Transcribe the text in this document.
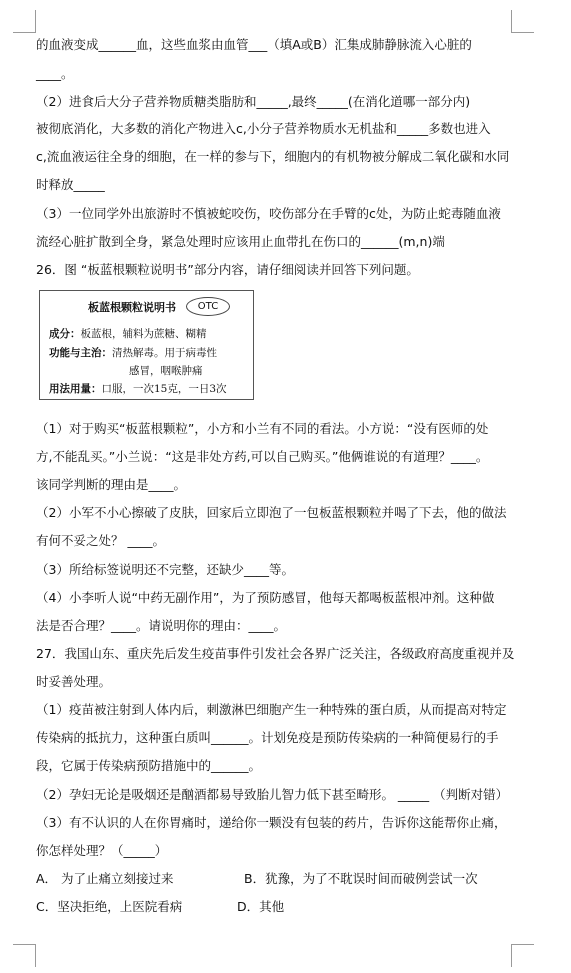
的血液变成______血，这些血浆由血管___（填A或B）汇集成肺静脉流入心脏的
____。
（2）进食后大分子营养物质糖类脂肪和_____,最终_____(在消化道哪一部分内)
被彻底消化，大多数的消化产物进入c,小分子营养物质水无机盐和_____多数也进入
c,流血液运往全身的细胞，在一样的参与下，细胞内的有机物被分解成二氧化碳和水同
时释放_____
（3）一位同学外出旅游时不慎被蛇咬伤，咬伤部分在手臂的c处，为防止蛇毒随血液
流经心脏扩散到全身，紧急处理时应该用止血带扎在伤口的______(m,n)端
26．图 “板蓝根颗粒说明书”部分内容，请仔细阅读并回答下列问题。
板蓝根颗粒说明书	OTC
成分：板蓝根，辅料为蔗糖、糊精
功能与主治：清热解毒。用于病毒性
感冒，咽喉肿痛
用法用量：口服，一次15克，一日3次
（1）对于购买“板蓝根颗粒”，小方和小兰有不同的看法。小方说：“没有医师的处
方,不能乱买。”小兰说：“这是非处方药,可以自己购买。”他俩谁说的有道理？____。
该同学判断的理由是____。
（2）小军不小心擦破了皮肤，回家后立即泡了一包板蓝根颗粒并喝了下去，他的做法
有何不妥之处？ ____。
（3）所给标签说明还不完整，还缺少____等。
（4）小李听人说“中药无副作用”，为了预防感冒，他每天都喝板蓝根冲剂。这种做
法是否合理？____。请说明你的理由：____。
27．我国山东、重庆先后发生疫苗事件引发社会各界广泛关注，各级政府高度重视并及
时妥善处理。
（1）疫苗被注射到人体内后，刺激淋巴细胞产生一种特殊的蛋白质，从而提高对特定
传染病的抵抗力，这种蛋白质叫______。计划免疫是预防传染病的一种简便易行的手
段，它属于传染病预防措施中的______。
（2）孕妇无论是吸烟还是酗酒都易导致胎儿智力低下甚至畸形。 _____ （判断对错）
（3）有不认识的人在你胃痛时，递给你一颗没有包装的药片，告诉你这能帮你止痛，
你怎样处理？（_____）
A． 为了止痛立刻接过来	B．犹豫，为了不耽误时间而破例尝试一次
C．坚决拒绝，上医院看病	D．其他
